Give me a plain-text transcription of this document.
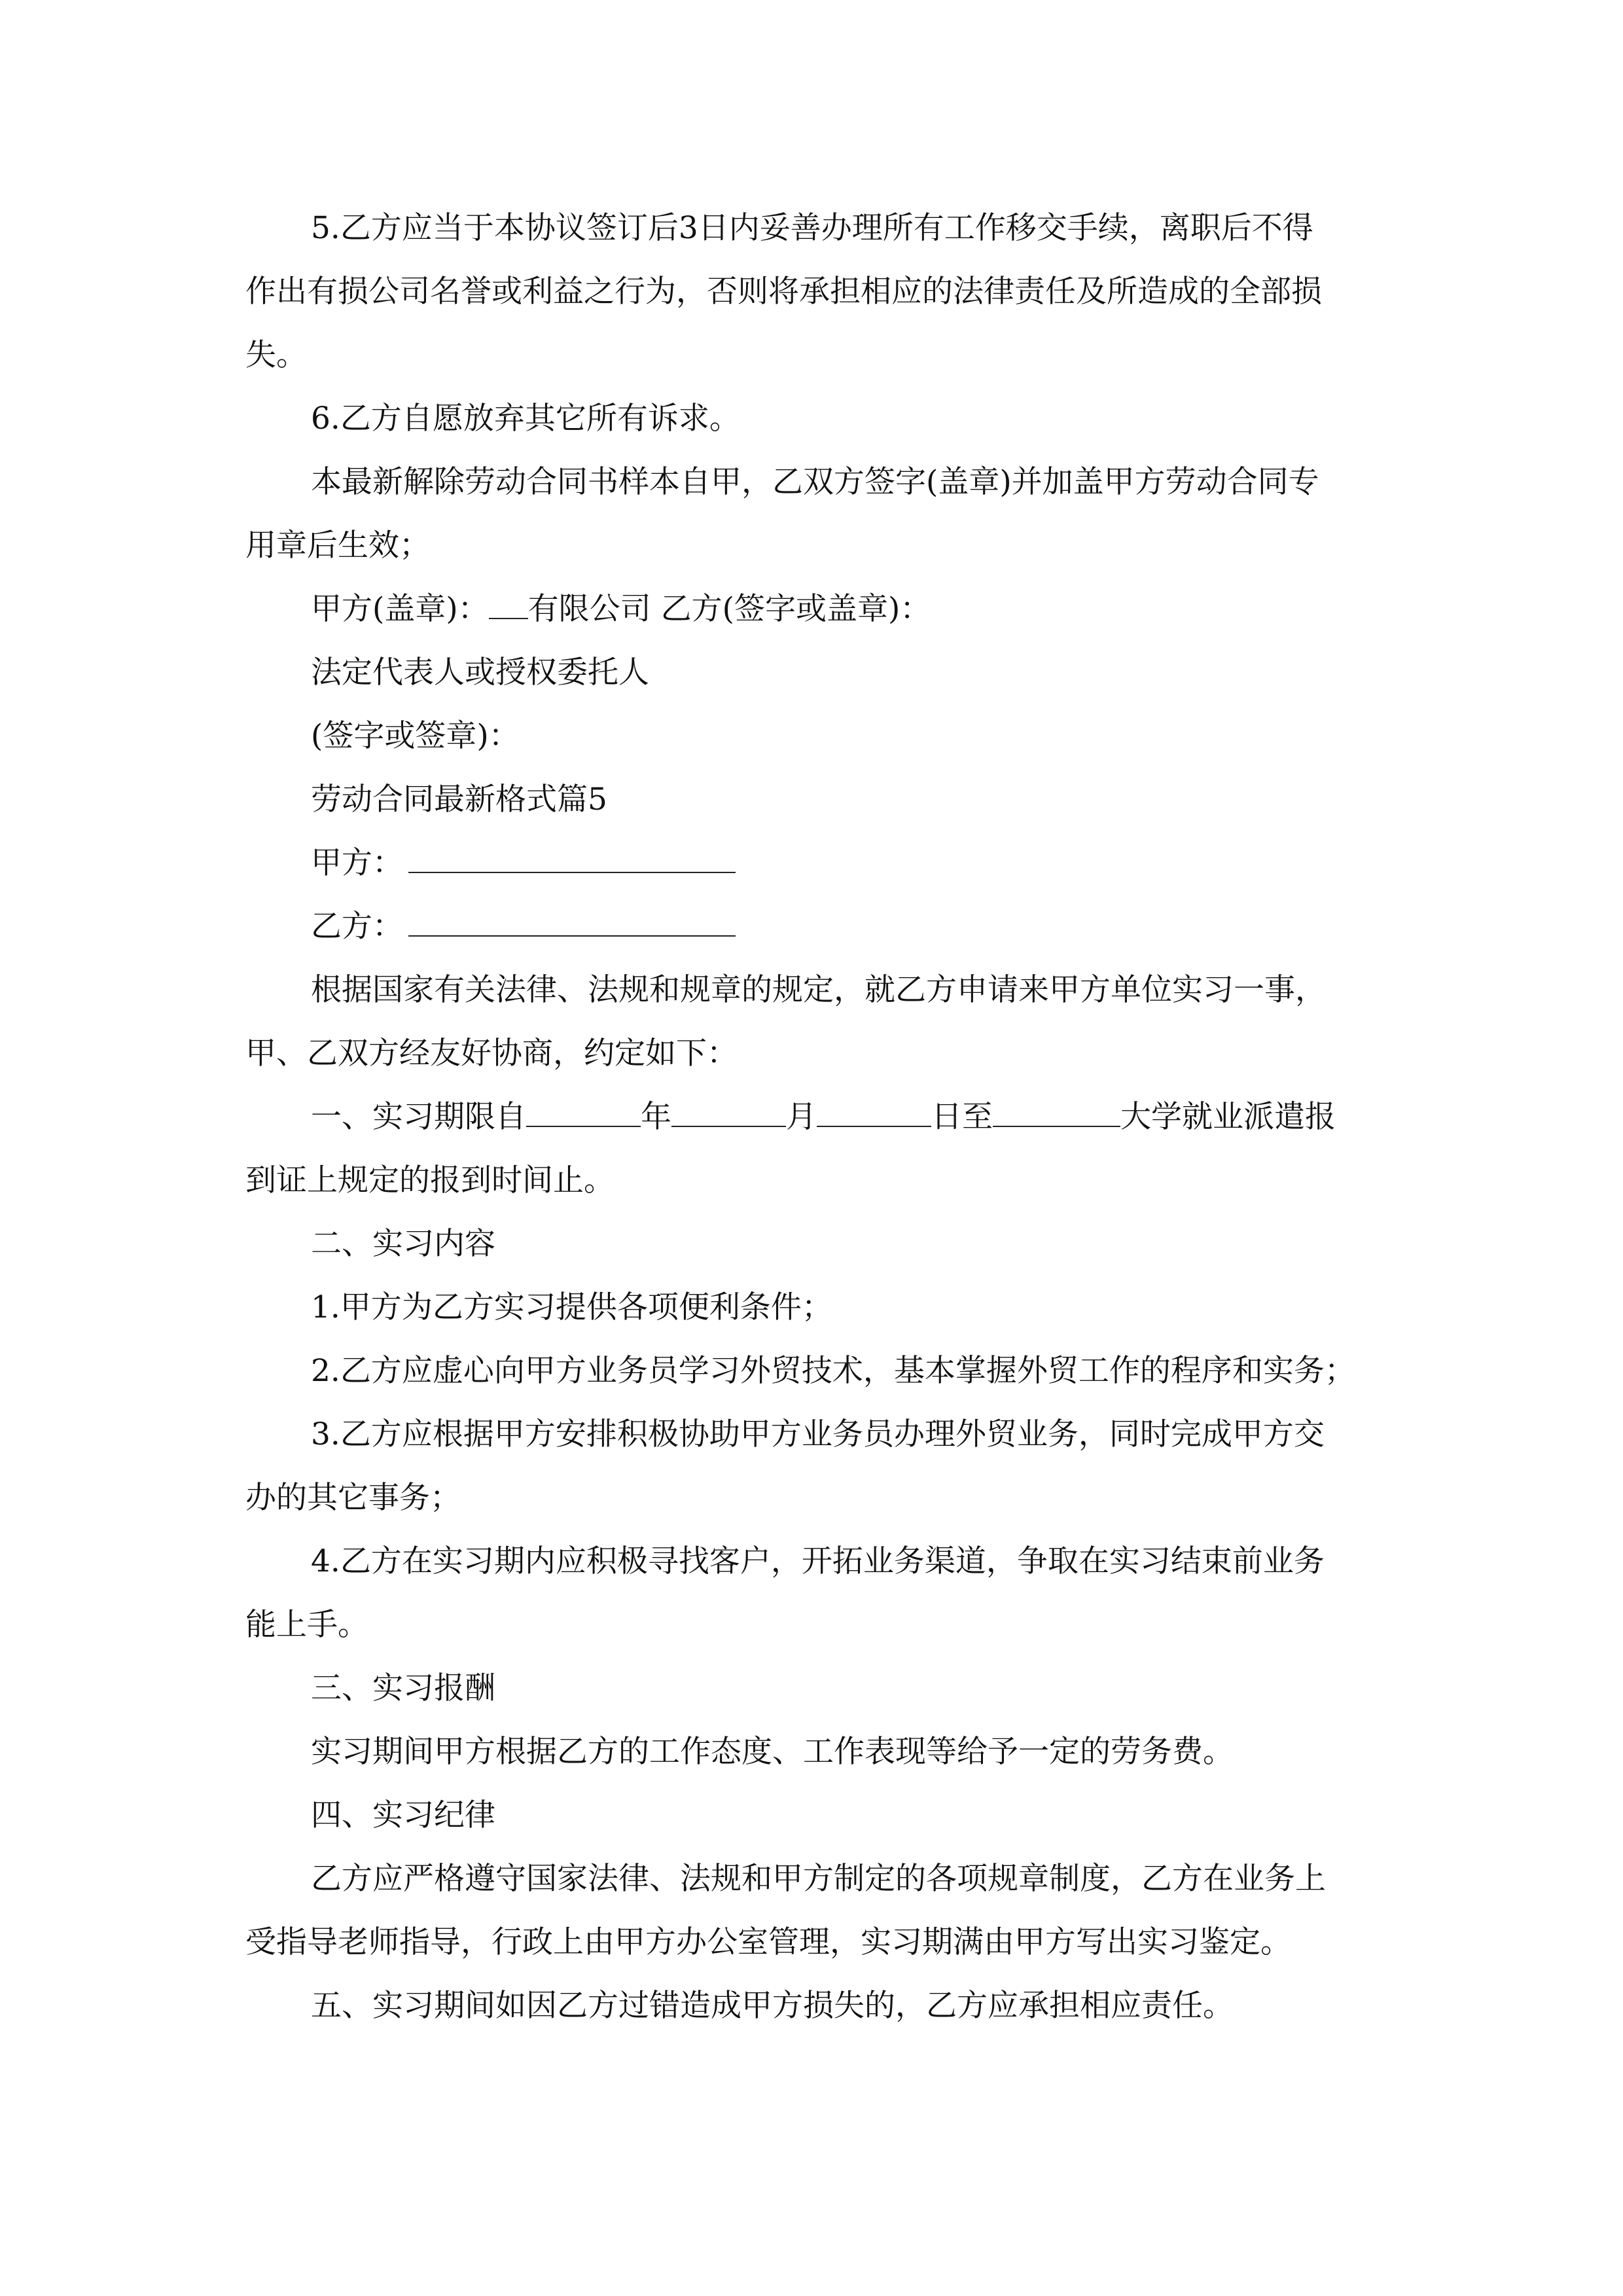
5.乙方应当于本协议签订后3日内妥善办理所有工作移交手续，离职后不得

作出有损公司名誉或利益之行为，否则将承担相应的法律责任及所造成的全部损

失。

6.乙方自愿放弃其它所有诉求。

本最新解除劳动合同书样本自甲，乙双方签字(盖章)并加盖甲方劳动合同专

用章后生效；

甲方(盖章)： 有限公司 乙方(签字或盖章)：

法定代表人或授权委托人

(签字或签章)：

劳动合同最新格式篇5

甲方：

乙方：

根据国家有关法律、法规和规章的规定，就乙方申请来甲方单位实习一事，

甲、乙双方经友好协商，约定如下：

一、实习期限自	年	月	日至	大学就业派遣报

到证上规定的报到时间止。

二、实习内容

1.甲方为乙方实习提供各项便利条件；

2.乙方应虚心向甲方业务员学习外贸技术，基本掌握外贸工作的程序和实务；

3.乙方应根据甲方安排积极协助甲方业务员办理外贸业务，同时完成甲方交

办的其它事务；

4.乙方在实习期内应积极寻找客户，开拓业务渠道，争取在实习结束前业务

能上手。

三、实习报酬

实习期间甲方根据乙方的工作态度、工作表现等给予一定的劳务费。

四、实习纪律

乙方应严格遵守国家法律、法规和甲方制定的各项规章制度，乙方在业务上

受指导老师指导，行政上由甲方办公室管理，实习期满由甲方写出实习鉴定。

五、实习期间如因乙方过错造成甲方损失的，乙方应承担相应责任。
